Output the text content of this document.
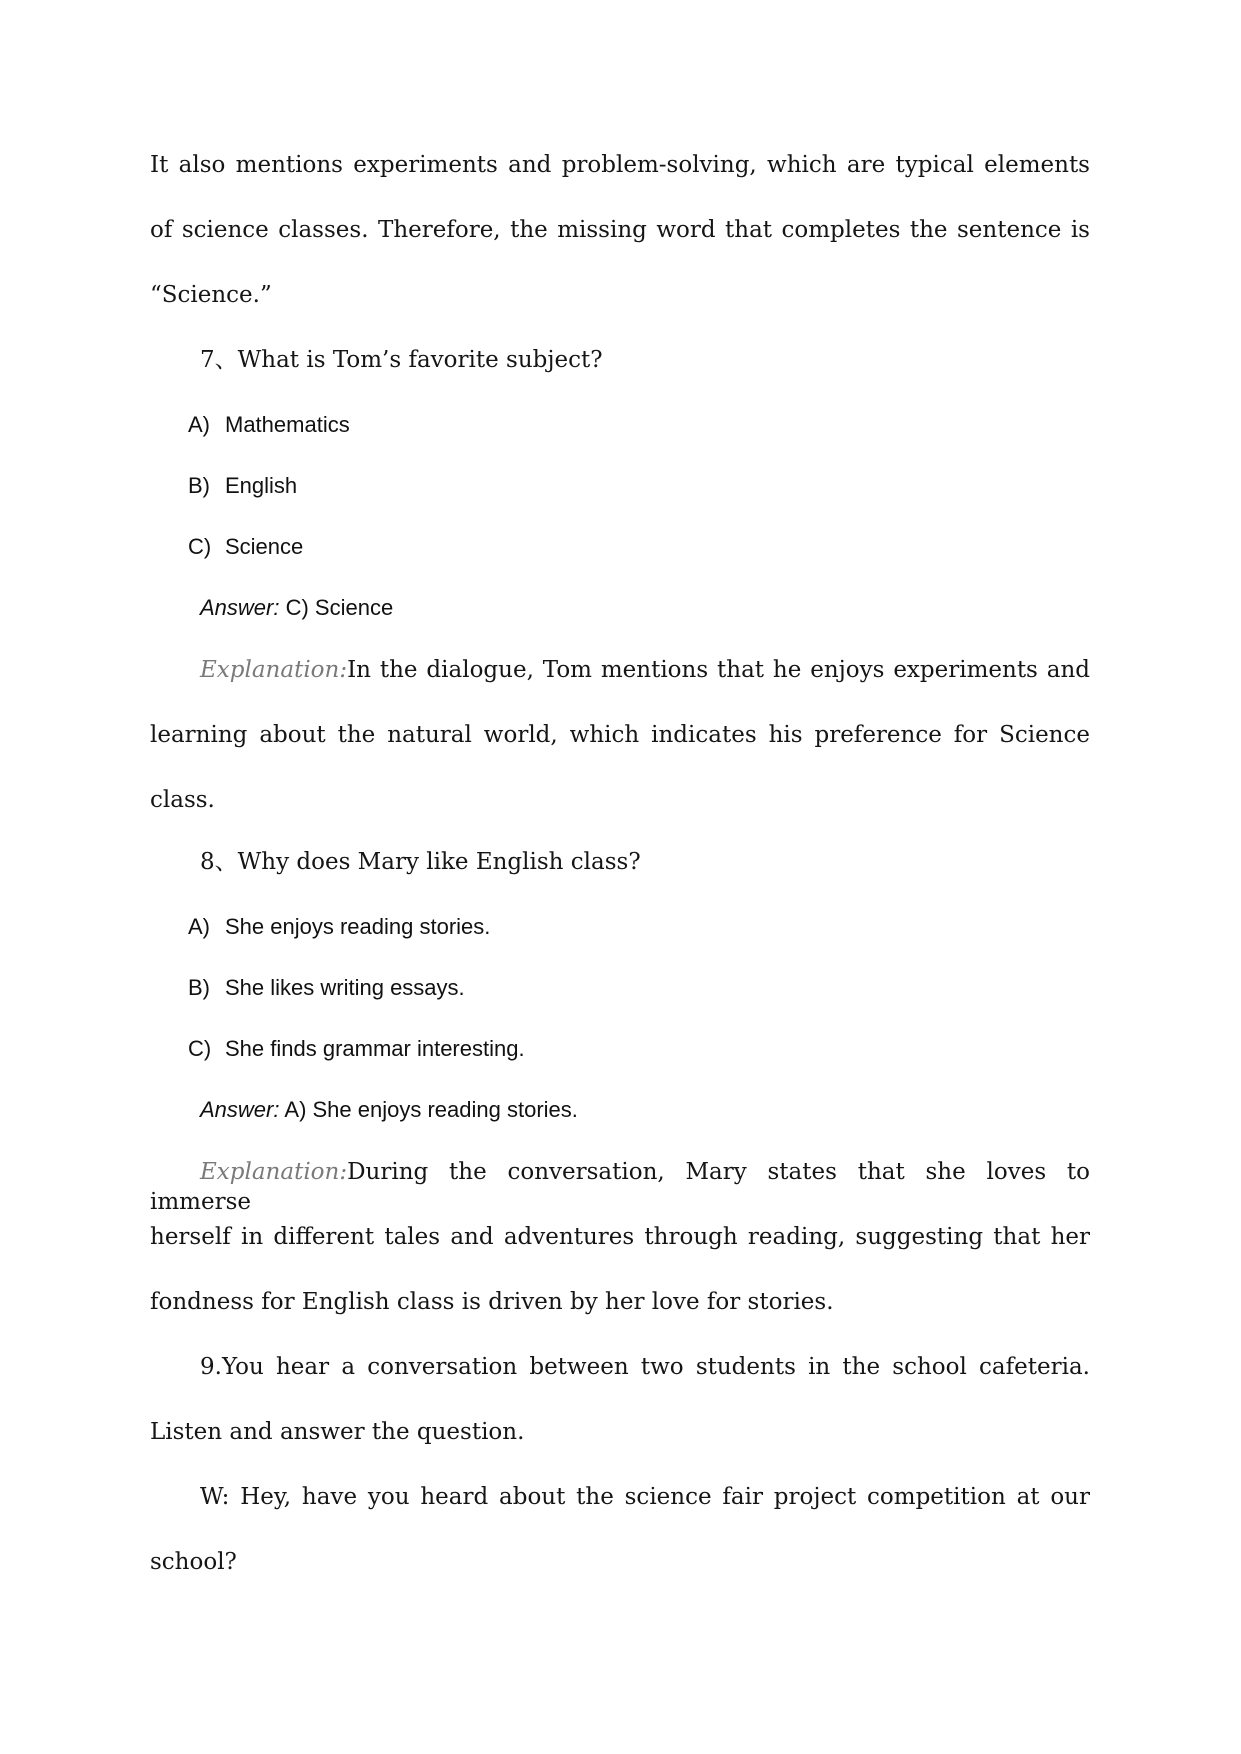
It also mentions experiments and problem-solving, which are typical elements
of science classes. Therefore, the missing word that completes the sentence is
“Science.”
7、What is Tom’s favorite subject?
A) Mathematics
B) English
C) Science
Answer: C) Science
Explanation:In the dialogue, Tom mentions that he enjoys experiments and
learning about the natural world, which indicates his preference for Science
class.
8、Why does Mary like English class?
A) She enjoys reading stories.
B) She likes writing essays.
C) She finds grammar interesting.
Answer: A) She enjoys reading stories.
Explanation:During the conversation, Mary states that she loves to immerse
herself in different tales and adventures through reading, suggesting that her
fondness for English class is driven by her love for stories.
9.You hear a conversation between two students in the school cafeteria.
Listen and answer the question.
W: Hey, have you heard about the science fair project competition at our
school?
